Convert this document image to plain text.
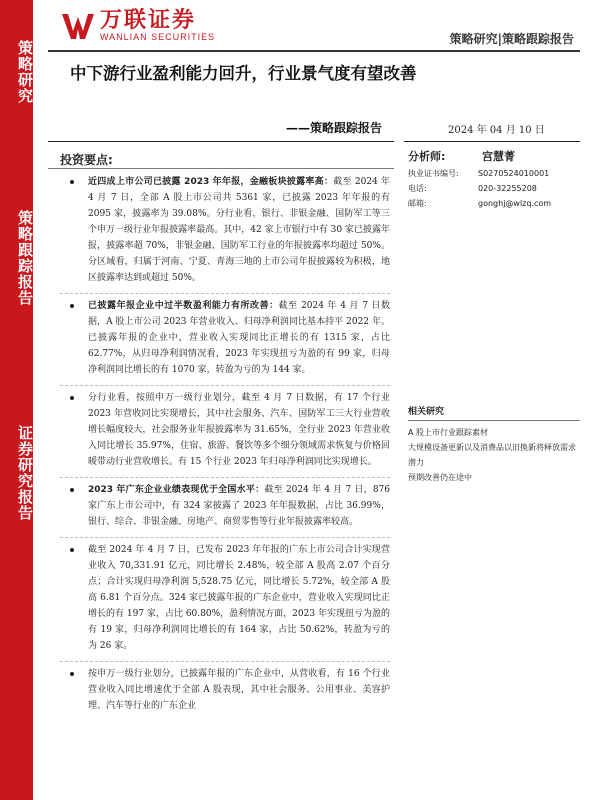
策略研究
策略跟踪报告
证券研究报告
万联证券
WANLIAN SECURITIES	策略研究|策略跟踪报告
中下游行业盈利能力回升，行业景气度有望改善
——策略跟踪报告	2024 年 04 月 10 日
投资要点:
近四成上市公司已披露 2023 年年报，金融板块披露率高：截至 2024 年 4 月 7 日，全部 A 股上市公司共 5361 家，已披露 2023 年年报的有 2095 家，披露率为 39.08%。分行业看，银行、非银金融、国防军工等三个申万一级行业年报披露率最高。其中，42 家上市银行中有 30 家已披露年报，披露率超 70%，非银金融、国防军工行业的年报披露率均超过 50%。分区域看，归属于河南、宁夏、青海三地的上市公司年报披露较为积极，地区披露率达到或超过 50%。
已披露年报企业中过半数盈利能力有所改善：截至 2024 年 4 月 7 日数据，A 股上市公司 2023 年营业收入、归母净利润同比基本持平 2022 年。已披露年报的企业中，营业收入实现同比正增长的有 1315 家，占比 62.77%，从归母净利润情况看，2023 年实现扭亏为盈的有 99 家，归母净利润同比增长的有 1070 家，转盈为亏的为 144 家。
分行业看，按照申万一级行业划分，截至 4 月 7 日数据，有 17 个行业 2023 年营收同比实现增长，其中社会服务、汽车、国防军工三大行业营收增长幅度较大，社会服务业年报披露率为 31.65%，全行业 2023 年营业收入同比增长 35.97%，住宿、旅游、餐饮等多个细分领域需求恢复与价格回暖带动行业营收增长。有 15 个行业 2023 年归母净利润同比实现增长。
2023 年广东企业业绩表现优于全国水平：截至 2024 年 4 月 7 日，876 家广东上市公司中，有 324 家披露了 2023 年年报数据，占比 36.99%，银行、综合、非银金融、房地产、商贸零售等行业年报披露率较高。
截至 2024 年 4 月 7 日，已发布 2023 年年报的广东上市公司合计实现营业收入 70,331.91 亿元，同比增长 2.48%，较全部 A 股高 2.07 个百分点；合计实现归母净利润 5,528.75 亿元，同比增长 5.72%，较全部 A 股高 6.81 个百分点。324 家已披露年报的广东企业中，营业收入实现同比正增长的有 197 家，占比 60.80%，盈利情况方面，2023 年实现扭亏为盈的有 19 家，归母净利润同比增长的有 164 家，占比 50.62%，转盈为亏的为 26 家。
按申万一级行业划分，已披露年报的广东企业中，从营收看，有 16 个行业营业收入同比增速优于全部 A 股表现，其中社会服务、公用事业、美容护理、汽车等行业的广东企业
分析师:	宫慧菁
执业证书编号:	S0270524010001
电话:	020-32255208
邮箱:	gonghj@wlzq.com
相关研究
A 股上市行业跟踪素材
大规模设备更新以及消费品以旧换新将释放需求潜力
预期改善仍在途中
